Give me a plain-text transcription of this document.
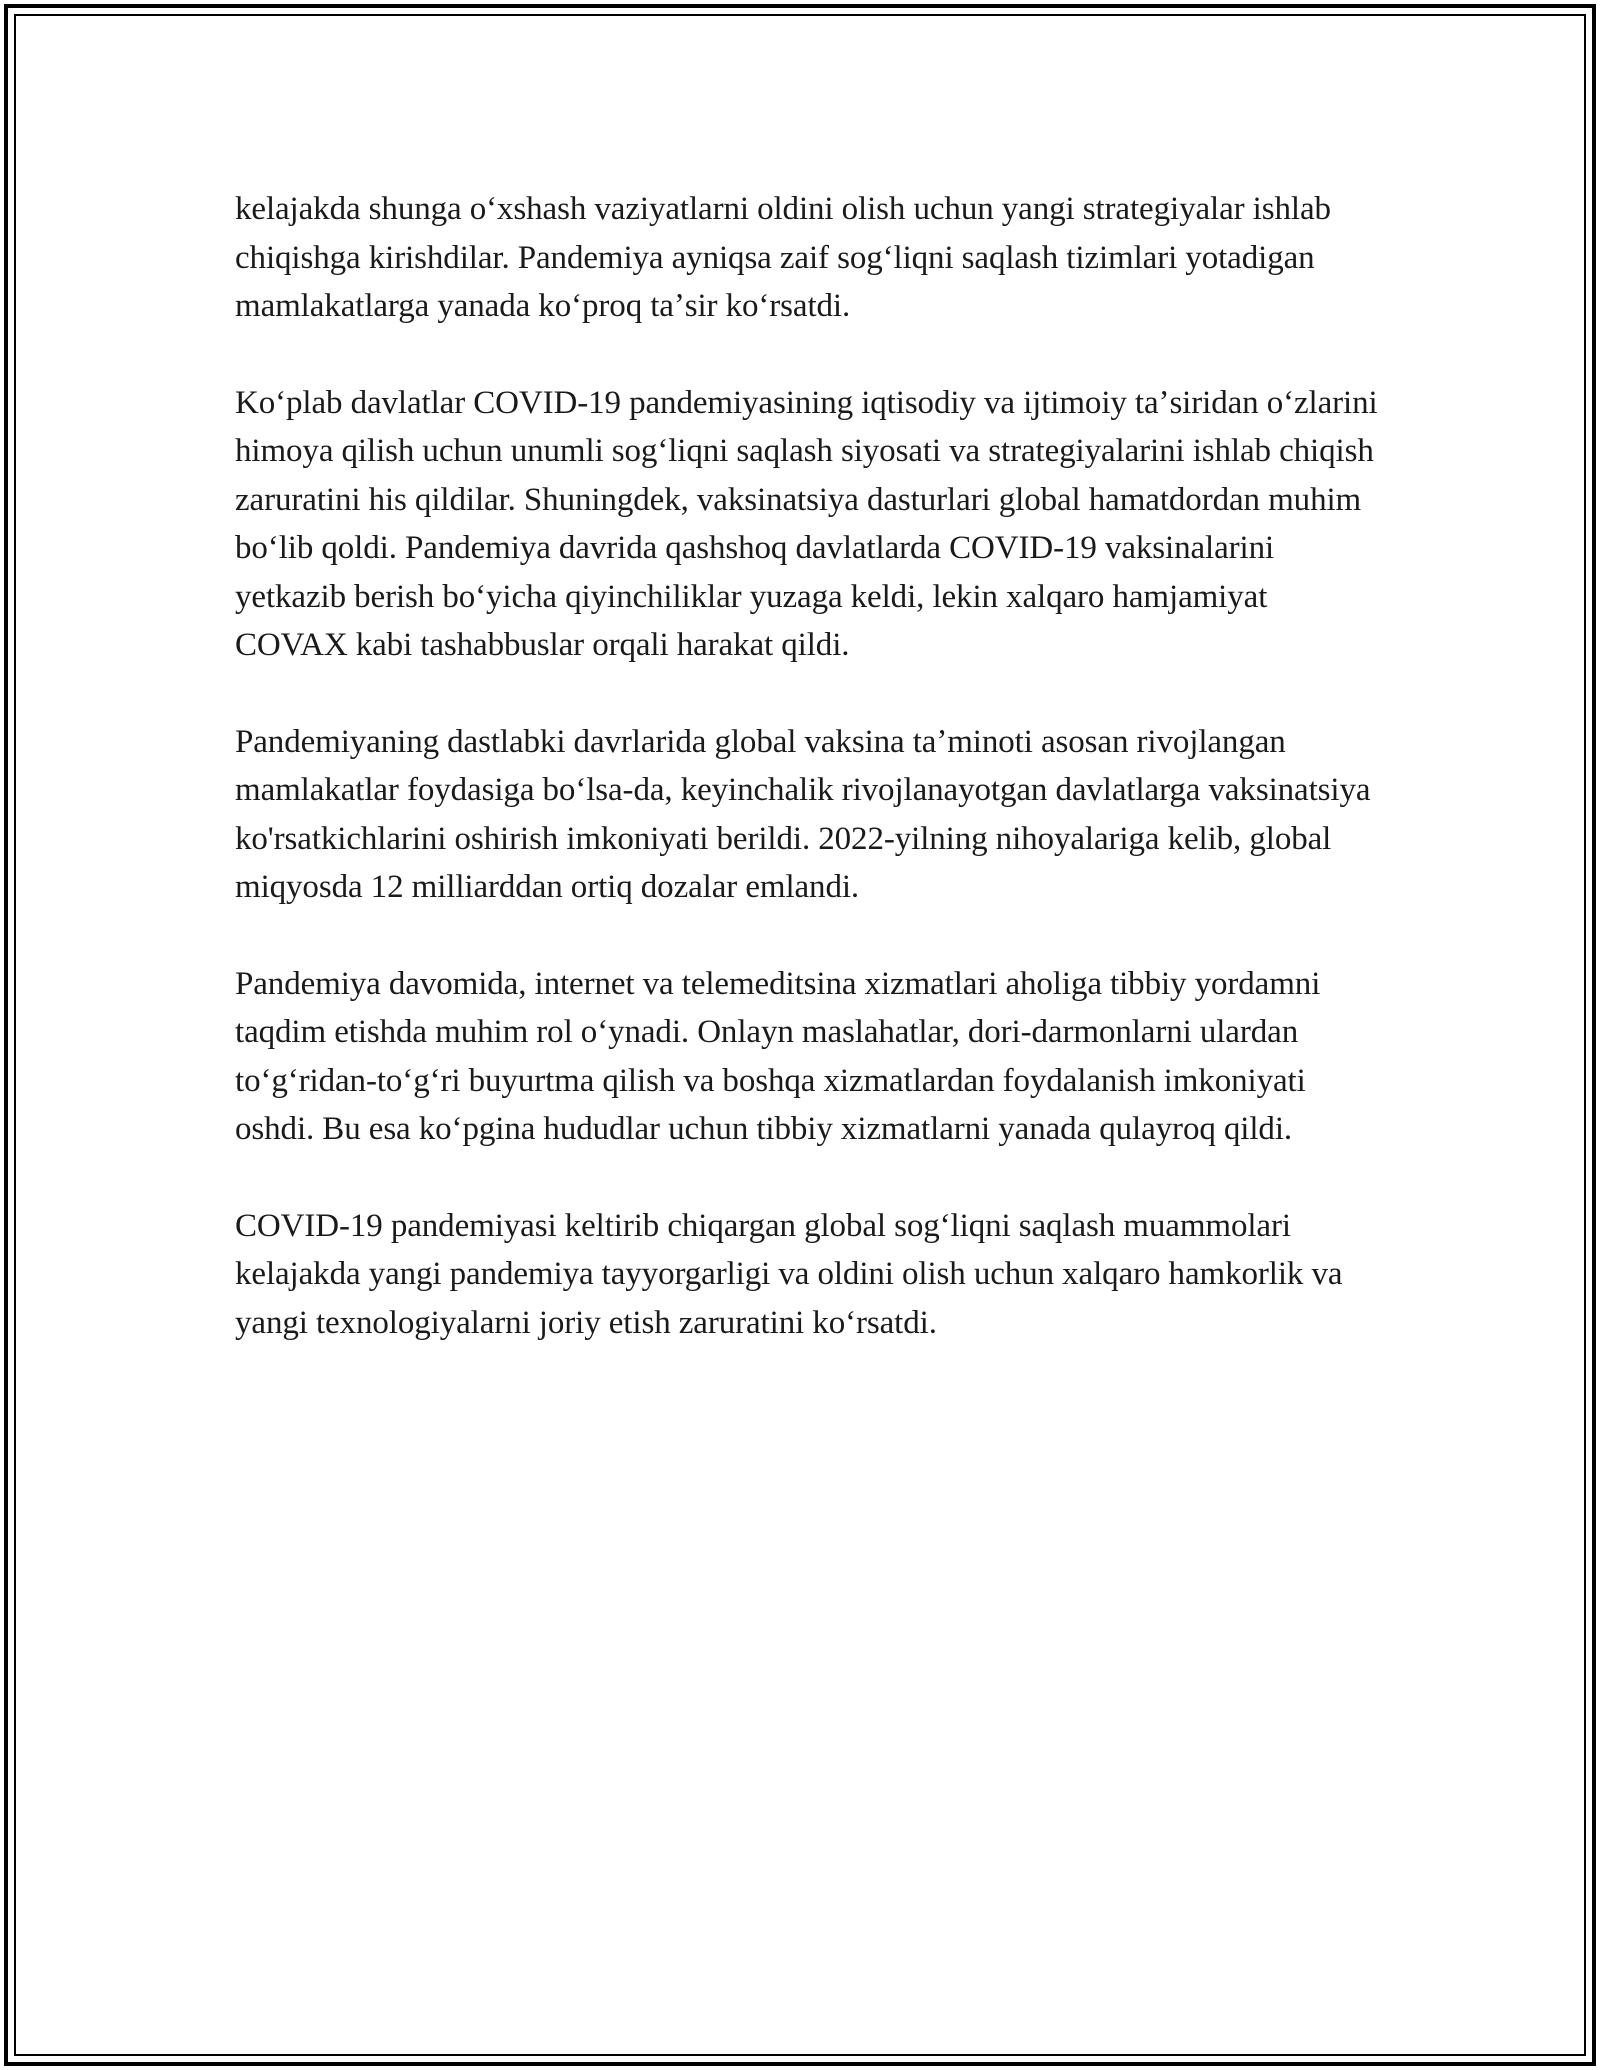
kelajakda shunga oʻxshash vaziyatlarni oldini olish uchun yangi strategiyalar ishlab chiqishga kirishdilar. Pandemiya ayniqsa zaif sogʻliqni saqlash tizimlari yotadigan mamlakatlarga yanada koʻproq taʼsir koʻrsatdi.

Koʻplab davlatlar COVID-19 pandemiyasining iqtisodiy va ijtimoiy taʼsiridan oʻzlarini himoya qilish uchun unumli sogʻliqni saqlash siyosati va strategiyalarini ishlab chiqish zaruratini his qildilar. Shuningdek, vaksinatsiya dasturlari global hamatdordan muhim boʻlib qoldi. Pandemiya davrida qashshoq davlatlarda COVID-19 vaksinalarini yetkazib berish boʻyicha qiyinchiliklar yuzaga keldi, lekin xalqaro hamjamiyat COVAX kabi tashabbuslar orqali harakat qildi.

Pandemiyaning dastlabki davrlarida global vaksina taʼminoti asosan rivojlangan mamlakatlar foydasiga boʻlsa-da, keyinchalik rivojlanayotgan davlatlarga vaksinatsiya ko'rsatkichlarini oshirish imkoniyati berildi. 2022-yilning nihoyalariga kelib, global miqyosda 12 milliarddan ortiq dozalar emlandi.

Pandemiya davomida, internet va telemeditsina xizmatlari aholiga tibbiy yordamni taqdim etishda muhim rol oʻynadi. Onlayn maslahatlar, dori-darmonlarni ulardan toʻgʻridan-toʻgʻri buyurtma qilish va boshqa xizmatlardan foydalanish imkoniyati oshdi. Bu esa koʻpgina hududlar uchun tibbiy xizmatlarni yanada qulayroq qildi.

COVID-19 pandemiyasi keltirib chiqargan global sogʻliqni saqlash muammolari kelajakda yangi pandemiya tayyorgarligi va oldini olish uchun xalqaro hamkorlik va yangi texnologiyalarni joriy etish zaruratini koʻrsatdi.
